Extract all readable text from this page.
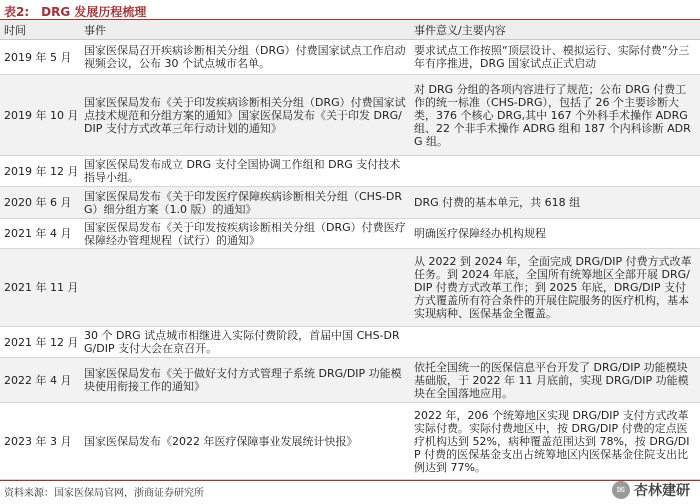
表2:　DRG 发展历程梳理
时间	事件	事件意义/主要内容
2019 年 5 月	国家医保局召开疾病诊断相关分组（DRG）付费国家试点工作启动视频会议，公布 30 个试点城市名单。	要求试点工作按照“顶层设计、模拟运行、实际付费”分三年有序推进，DRG 国家试点正式启动
2019 年 10 月	国家医保局发布《关于印发疾病诊断相关分组（DRG）付费国家试点技术规范和分组方案的通知》国家医保局发布《关于印发 DRG/DIP 支付方式改革三年行动计划的通知》	对 DRG 分组的各项内容进行了规范；公布 DRG 付费工作的统一标准（CHS-DRG），包括了 26 个主要诊断大类，376 个核心 DRG,其中 167 个外科手术操作 ADRG 组、22 个非手术操作 ADRG 组和 187 个内科诊断 ADRG 组。
2019 年 12 月	国家医保局发布成立 DRG 支付全国协调工作组和 DRG 支付技术指导小组。	
2020 年 6 月	国家医保局发布《关于印发医疗保障疾病诊断相关分组（CHS-DRG）细分组方案（1.0 版）的通知》	DRG 付费的基本单元，共 618 组
2021 年 4 月	国家医保局发布《关于印发按疾病诊断相关分组（DRG）付费医疗保障经办管理规程（试行）的通知》	明确医疗保障经办机构规程
2021 年 11 月		从 2022 到 2024 年，全面完成 DRG/DIP 付费方式改革任务。到 2024 年底，全国所有统筹地区全部开展 DRG/DIP 付费方式改革工作；到 2025 年底，DRG/DIP 支付方式覆盖所有符合条件的开展住院服务的医疗机构，基本实现病种、医保基金全覆盖。
2021 年 12 月	30 个 DRG 试点城市相继进入实际付费阶段，首届中国 CHS-DRG/DIP 支付大会在京召开。	
2022 年 4 月	国家医保局发布《关于做好支付方式管理子系统 DRG/DIP 功能模块使用衔接工作的通知》	依托全国统一的医保信息平台开发了 DRG/DIP 功能模块基础版，于 2022 年 11 月底前，实现 DRG/DIP 功能模块在全国落地应用。
2023 年 3 月	国家医保局发布《2022 年医疗保障事业发展统计快报》	2022 年，206 个统筹地区实现 DRG/DIP 支付方式改革实际付费。实际付费地区中，按 DRG/DIP 付费的定点医疗机构达到 52%，病种覆盖范围达到 78%，按 DRG/DIP 付费的医保基金支出占统筹地区内医保基金住院支出比例达到 77%。
资料来源：国家医保局官网，浙商证券研究所	✉ 杏林建研
